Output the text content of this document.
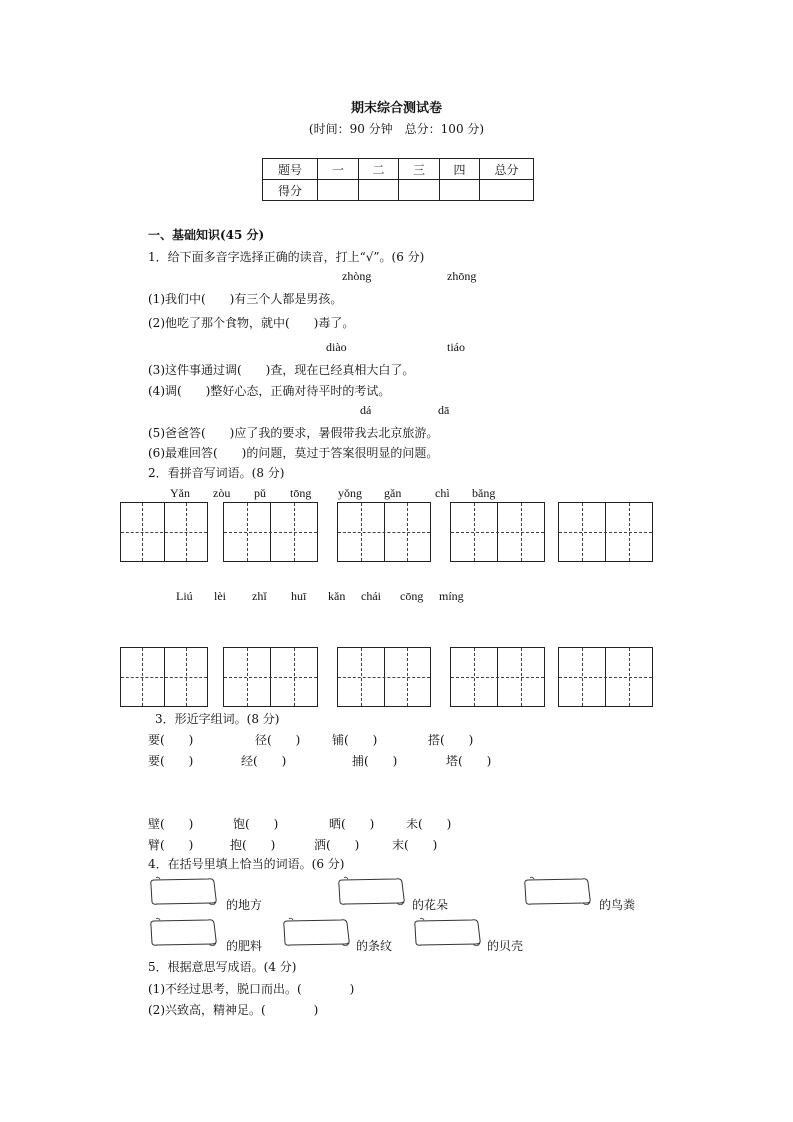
期末综合测试卷
(时间：90 分钟　总分：100 分)
题号	一	二	三	四	总分
得分					
一、基础知识(45 分)
1．给下面多音字选择正确的读音，打上“√”。(6 分)
zhòng	zhōng
(1)我们中(　　)有三个人都是男孩。
(2)他吃了那个食物，就中(　　)毒了。
diào	tiáo
(3)这件事通过调(　　)查，现在已经真相大白了。
(4)调(　　)整好心态，正确对待平时的考试。
dá	dā
(5)爸爸答(　　)应了我的要求，暑假带我去北京旅游。
(6)最难回答(　　)的问题，莫过于答案很明显的问题。
2．看拼音写词语。(8 分)
Yǎn zòu pǔ tōng yǒng gǎn	chì bǎng
Liú lèi zhǐ huī kǎn chái cōng míng
3．形近字组词。(8 分)
要(　　)	径(　　)	铺(　　)	搭(　　)
要(　　)	经(　　)	捕(　　)	塔(　　)
壁(　　)	饱(　　)	晒(　　)	未(　　)
臂(　　)	抱(　　)	洒(　　)	末(　　)
4．在括号里填上恰当的词语。(6 分)
的地方	的花朵	的鸟粪
的肥料	的条纹	的贝壳
5．根据意思写成语。(4 分)
(1)不经过思考，脱口而出。(　　　　)
(2)兴致高，精神足。(　　　　)
